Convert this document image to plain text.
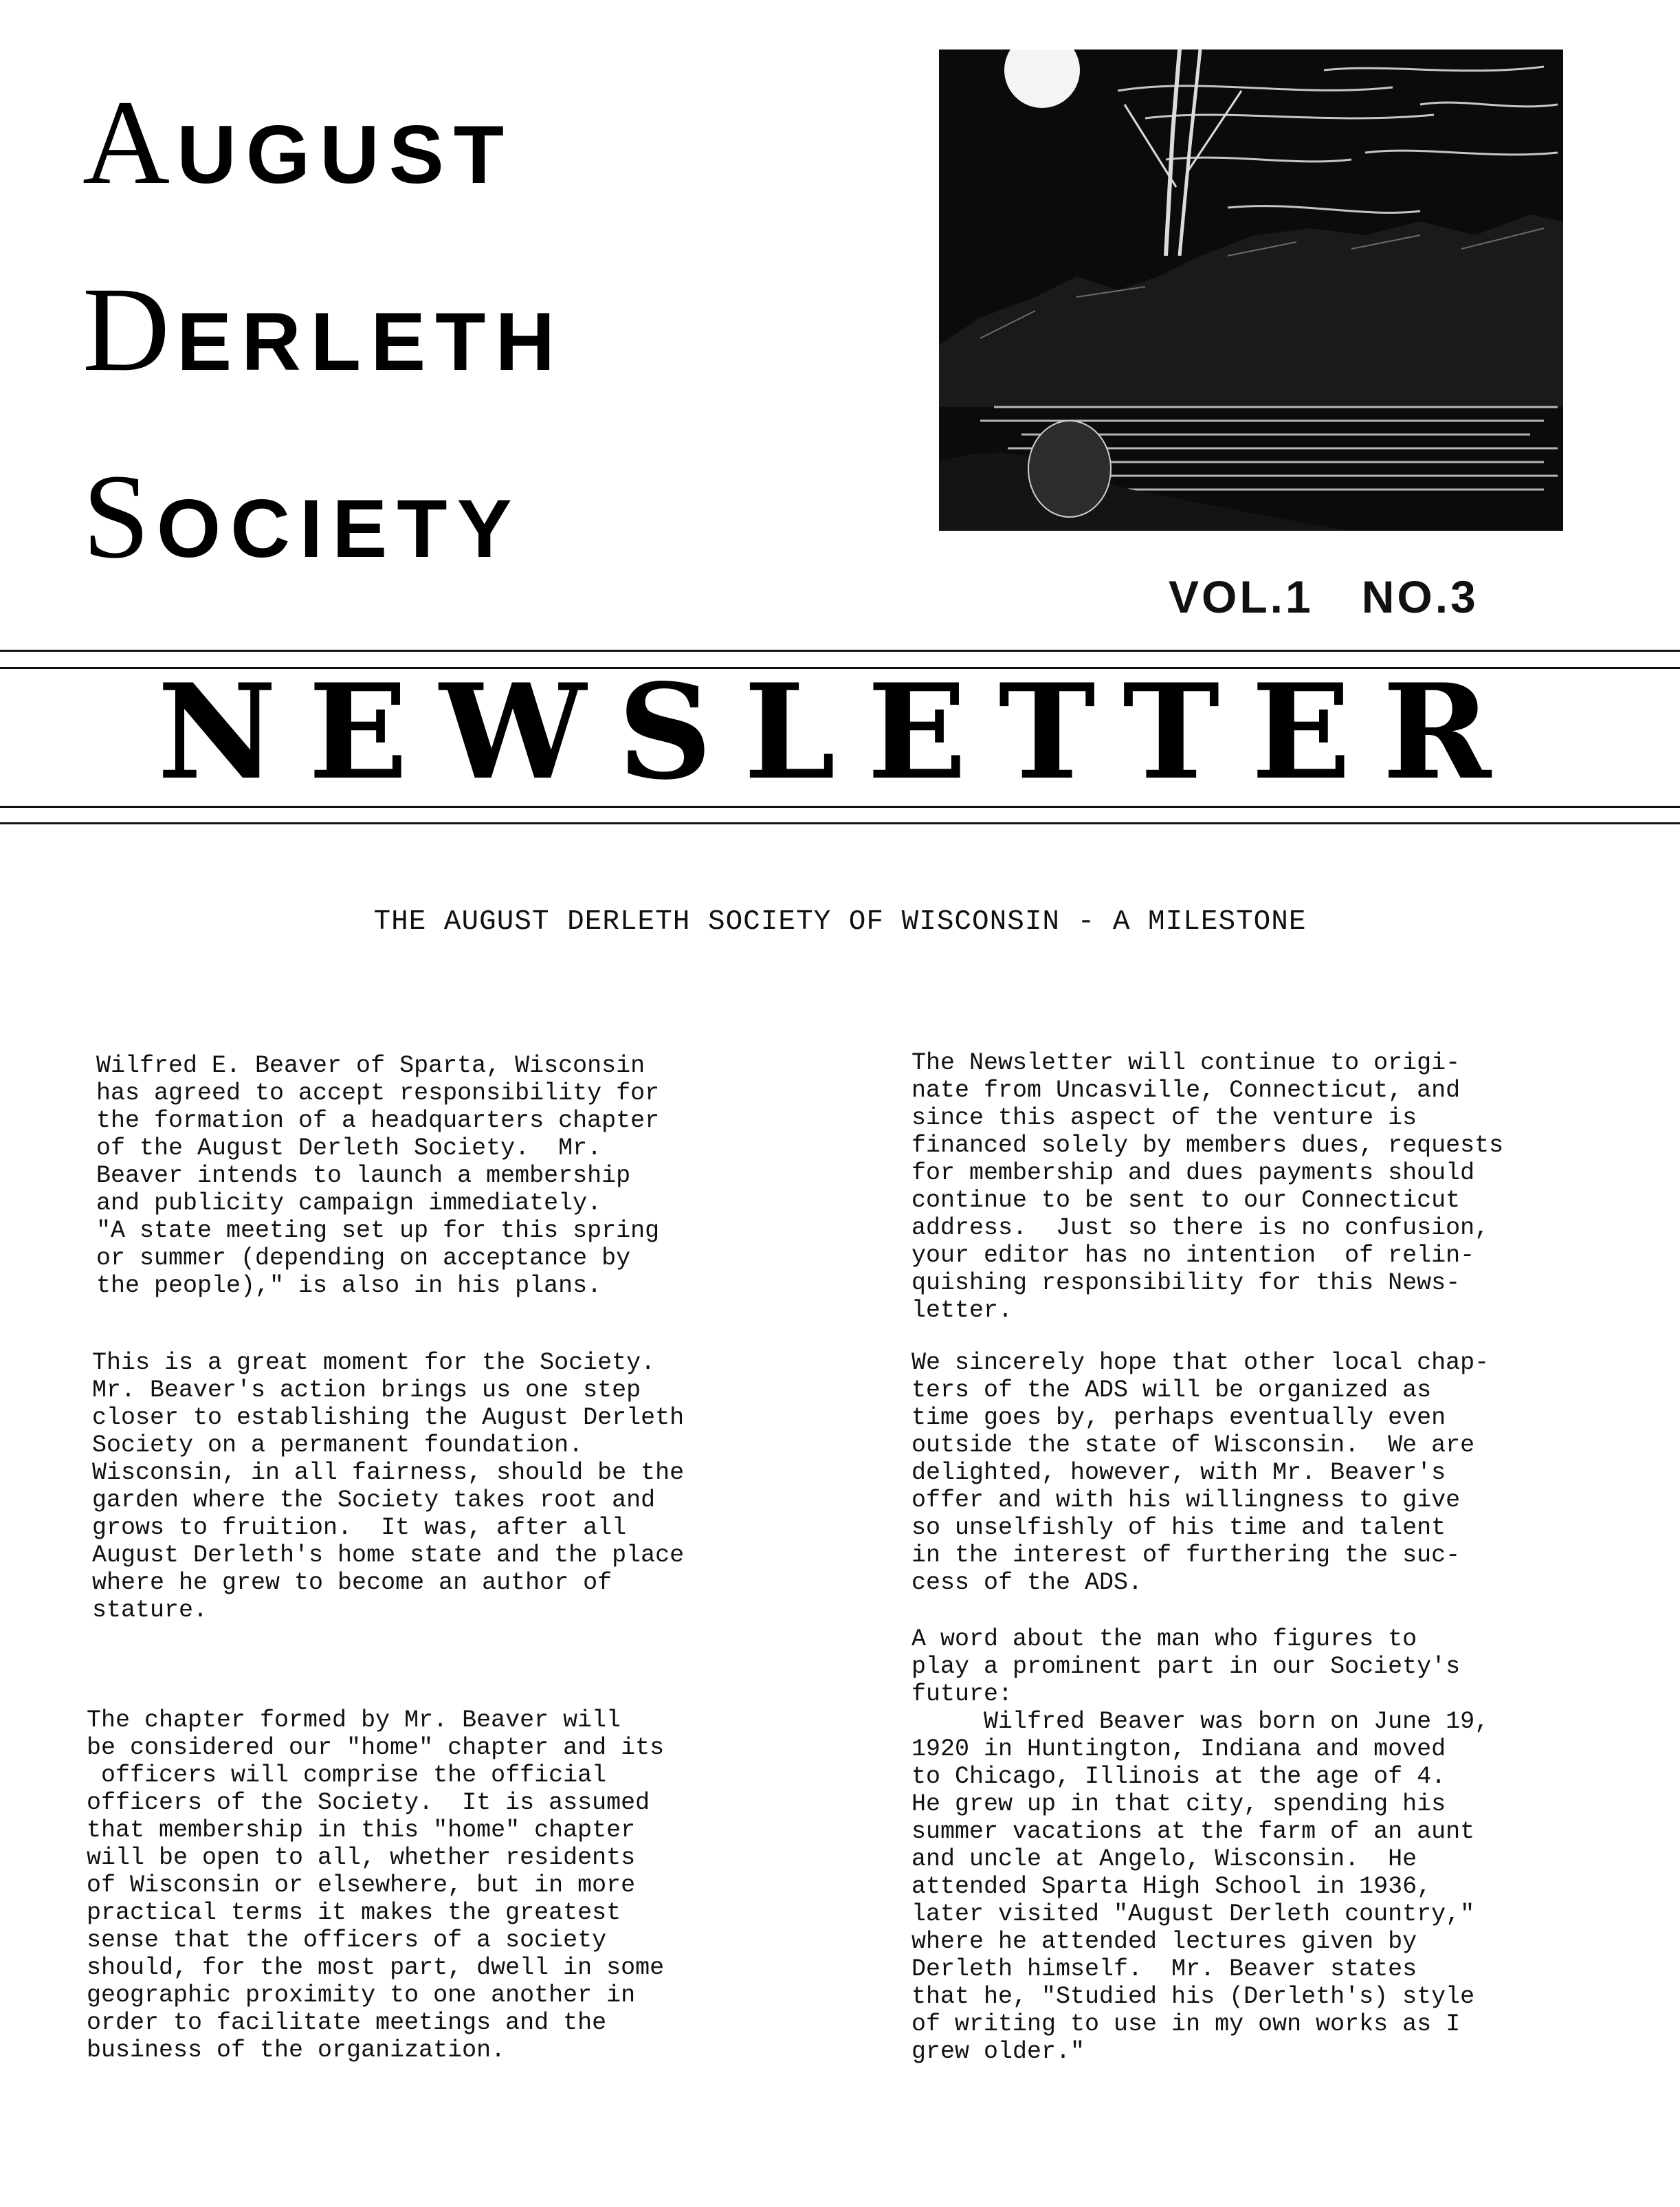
AUGUST
DERLETH
SOCIETY
VOL.1 NO.3
NEWSLETTER
THE AUGUST DERLETH SOCIETY OF WISCONSIN - A MILESTONE

Wilfred E. Beaver of Sparta, Wisconsin
has agreed to accept responsibility for
the formation of a headquarters chapter
of the August Derleth Society.  Mr.
Beaver intends to launch a membership
and publicity campaign immediately.
"A state meeting set up for this spring
or summer (depending on acceptance by
the people)," is also in his plans.

This is a great moment for the Society.
Mr. Beaver's action brings us one step
closer to establishing the August Derleth
Society on a permanent foundation.
Wisconsin, in all fairness, should be the
garden where the Society takes root and
grows to fruition.  It was, after all
August Derleth's home state and the place
where he grew to become an author of
stature.

The chapter formed by Mr. Beaver will
be considered our "home" chapter and its
officers will comprise the official
officers of the Society.  It is assumed
that membership in this "home" chapter
will be open to all, whether residents
of Wisconsin or elsewhere, but in more
practical terms it makes the greatest
sense that the officers of a society
should, for the most part, dwell in some
geographic proximity to one another in
order to facilitate meetings and the
business of the organization.

The Newsletter will continue to origi-
nate from Uncasville, Connecticut, and
since this aspect of the venture is
financed solely by members dues, requests
for membership and dues payments should
continue to be sent to our Connecticut
address.  Just so there is no confusion,
your editor has no intention  of relin-
quishing responsibility for this News-
letter.

We sincerely hope that other local chap-
ters of the ADS will be organized as
time goes by, perhaps eventually even
outside the state of Wisconsin.  We are
delighted, however, with Mr. Beaver's
offer and with his willingness to give
so unselfishly of his time and talent
in the interest of furthering the suc-
cess of the ADS.

A word about the man who figures to
play a prominent part in our Society's
future:
Wilfred Beaver was born on June 19,
1920 in Huntington, Indiana and moved
to Chicago, Illinois at the age of 4.
He grew up in that city, spending his
summer vacations at the farm of an aunt
and uncle at Angelo, Wisconsin.  He
attended Sparta High School in 1936,
later visited "August Derleth country,"
where he attended lectures given by
Derleth himself.  Mr. Beaver states
that he, "Studied his (Derleth's) style
of writing to use in my own works as I
grew older."
